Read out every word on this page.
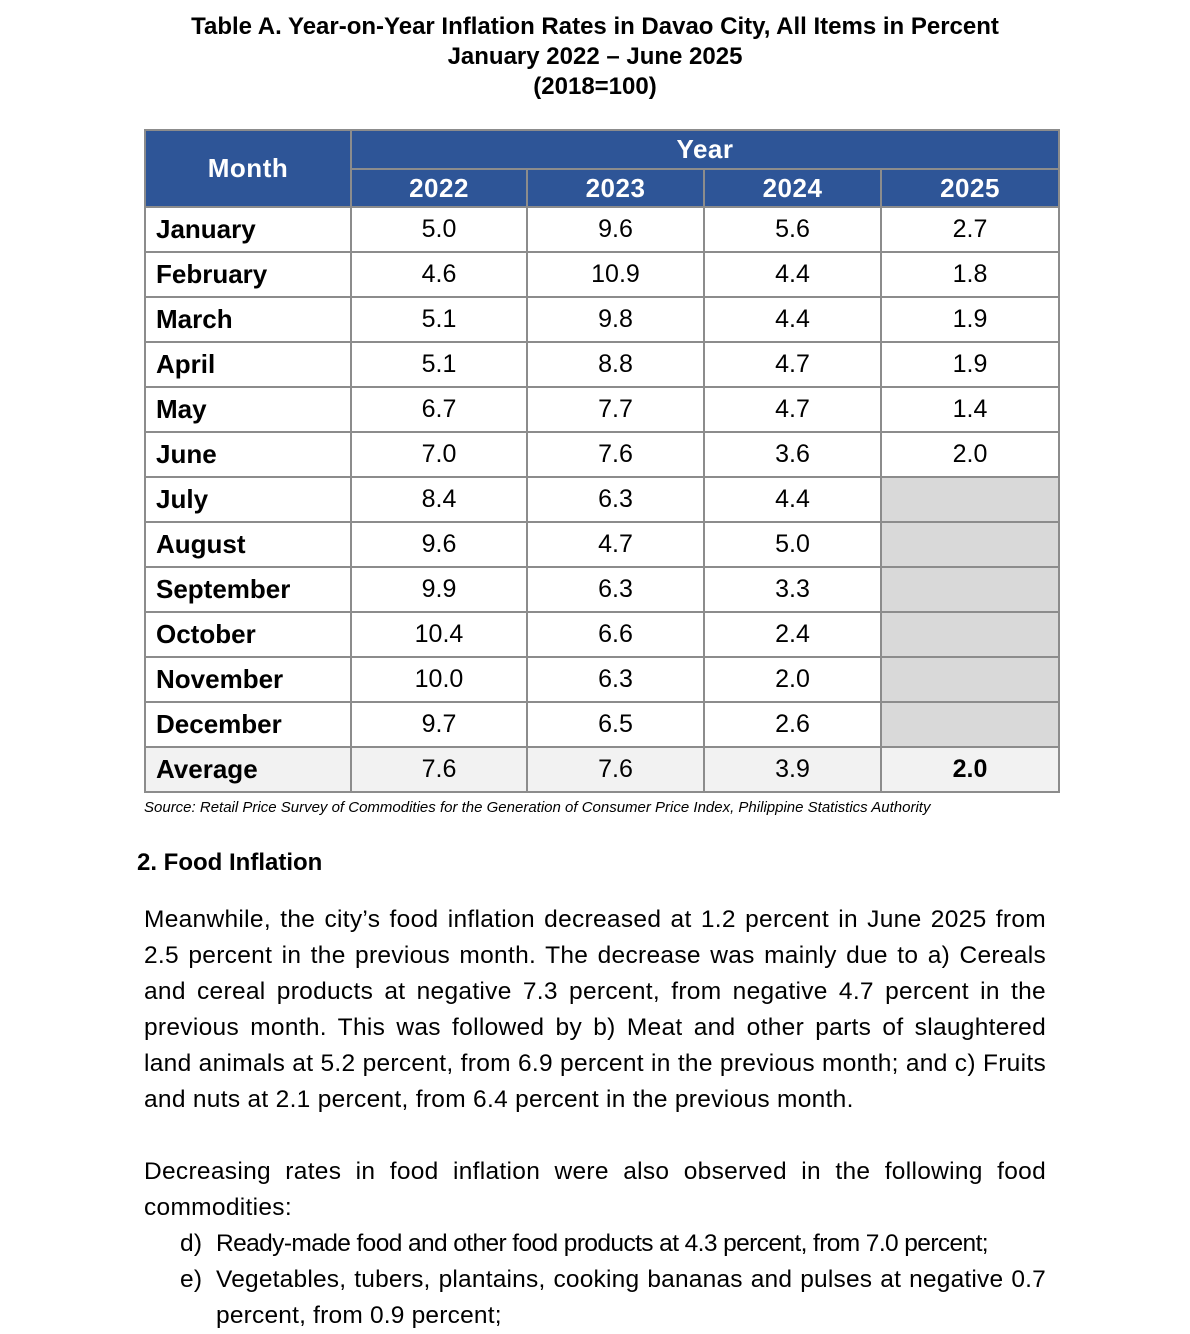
Table A. Year-on-Year Inflation Rates in Davao City, All Items in Percent
January 2022 – June 2025
(2018=100)
Month	Year			
	2022	2023	2024	2025
January	5.0	9.6	5.6	2.7
February	4.6	10.9	4.4	1.8
March	5.1	9.8	4.4	1.9
April	5.1	8.8	4.7	1.9
May	6.7	7.7	4.7	1.4
June	7.0	7.6	3.6	2.0
July	8.4	6.3	4.4	
August	9.6	4.7	5.0	
September	9.9	6.3	3.3	
October	10.4	6.6	2.4	
November	10.0	6.3	2.0	
December	9.7	6.5	2.6	
Average	7.6	7.6	3.9	2.0
Source: Retail Price Survey of Commodities for the Generation of Consumer Price Index, Philippine Statistics Authority
2. Food Inflation
Meanwhile, the city’s food inflation decreased at 1.2 percent in June 2025 from 2.5 percent in the previous month. The decrease was mainly due to a) Cereals and cereal products at negative 7.3 percent, from negative 4.7 percent in the previous month. This was followed by b) Meat and other parts of slaughtered land animals at 5.2 percent, from 6.9 percent in the previous month; and c) Fruits and nuts at 2.1 percent, from 6.4 percent in the previous month.
Decreasing rates in food inflation were also observed in the following food commodities:
d) Ready-made food and other food products at 4.3 percent, from 7.0 percent;
e) Vegetables, tubers, plantains, cooking bananas and pulses at negative 0.7 percent, from 0.9 percent;
